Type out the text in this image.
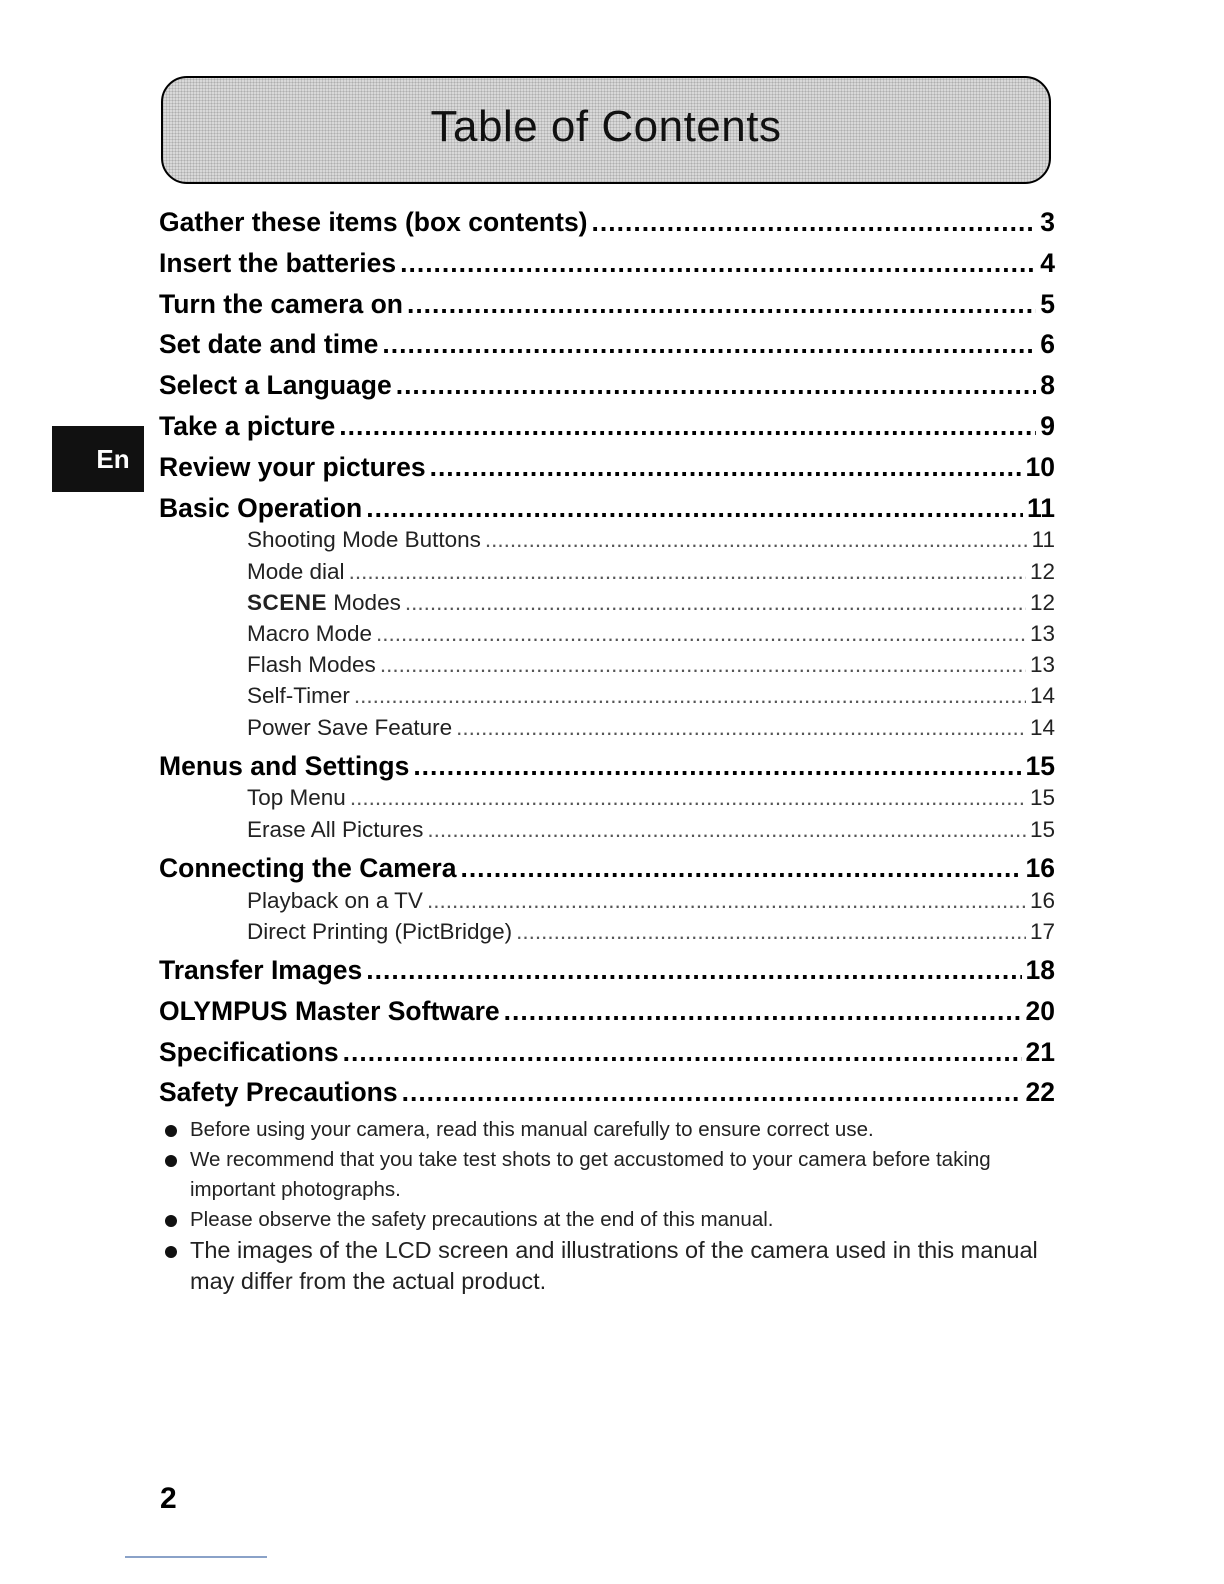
Table of Contents
En
Gather these items (box contents) .....	3
Insert the batteries .....	4
Turn the camera on .....	5
Set date and time .....	6
Select a Language .....	8
Take a picture .....	9
Review your pictures .....	10
Basic Operation .....	11
Shooting Mode Buttons .....	11
Mode dial .....	12
SCENE Modes .....	12
Macro Mode .....	13
Flash Modes .....	13
Self-Timer .....	14
Power Save Feature .....	14
Menus and Settings .....	15
Top Menu .....	15
Erase All Pictures .....	15
Connecting the Camera .....	16
Playback on a TV .....	16
Direct Printing (PictBridge) .....	17
Transfer Images .....	18
OLYMPUS Master Software .....	20
Specifications .....	21
Safety Precautions .....	22
Before using your camera, read this manual carefully to ensure correct use.
We recommend that you take test shots to get accustomed to your camera before taking important photographs.
Please observe the safety precautions at the end of this manual.
The images of the LCD screen and illustrations of the camera used in this manual may differ from the actual product.
2
